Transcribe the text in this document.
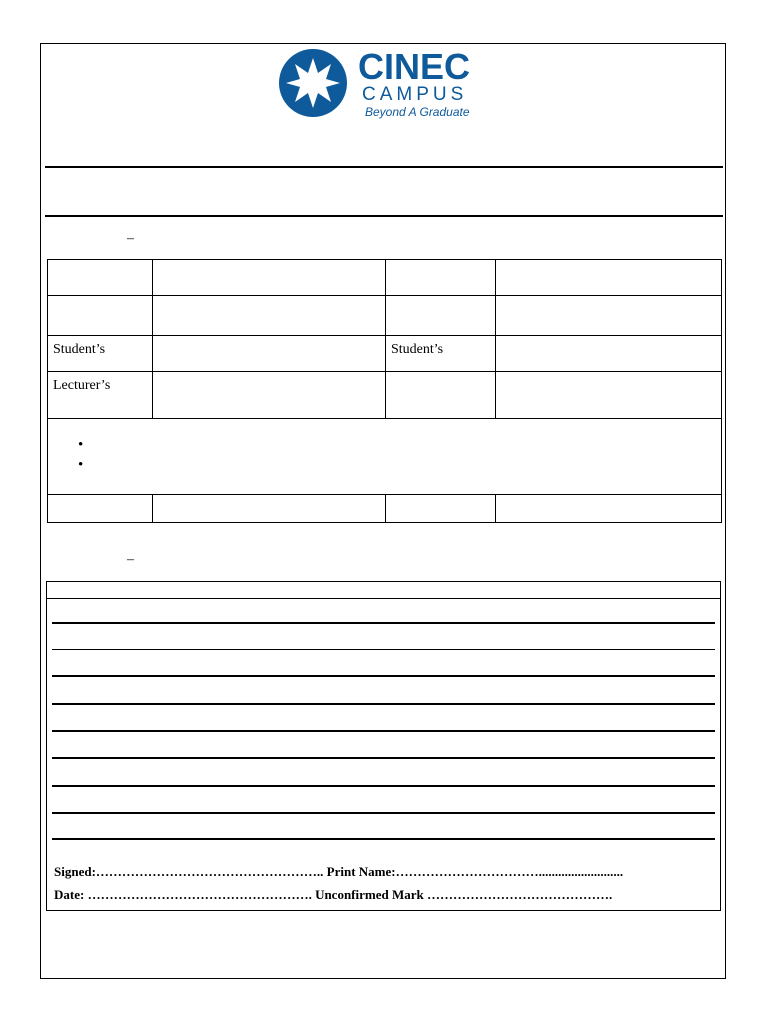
CINEC
CAMPUS
Beyond A Graduate
–

Student’s		Student’s	
Lecturer’s			

•
•

–
Signed:…………………………………………….. Print Name:……………………………..........................
Date: ……………………………………………. Unconfirmed Mark …………………………………….
